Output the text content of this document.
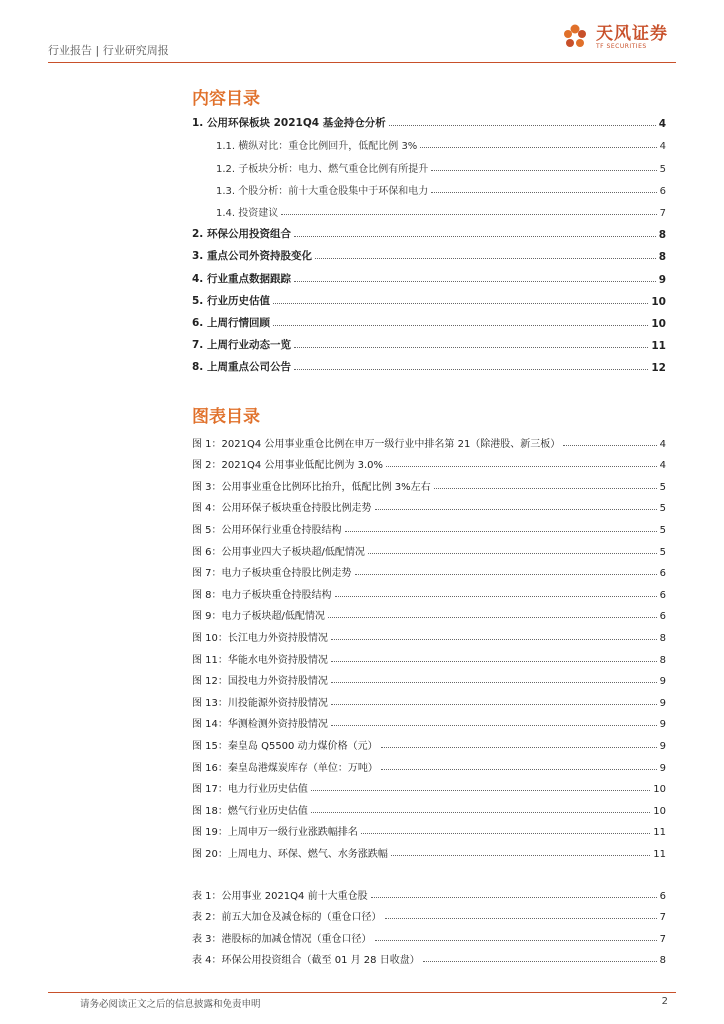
行业报告 | 行业研究周报
天风证券
TF SECURITIES
内容目录
1. 公用环保板块 2021Q4 基金持仓分析	4
1.1. 横纵对比：重仓比例回升，低配比例 3%	4
1.2. 子板块分析：电力、燃气重仓比例有所提升	5
1.3. 个股分析：前十大重仓股集中于环保和电力	6
1.4. 投资建议	7
2. 环保公用投资组合	8
3. 重点公司外资持股变化	8
4. 行业重点数据跟踪	9
5. 行业历史估值	10
6. 上周行情回顾	10
7. 上周行业动态一览	11
8. 上周重点公司公告	12
图表目录
图 1：2021Q4 公用事业重仓比例在申万一级行业中排名第 21（除港股、新三板）	4
图 2：2021Q4 公用事业低配比例为 3.0%	4
图 3：公用事业重仓比例环比抬升，低配比例 3%左右	5
图 4：公用环保子板块重仓持股比例走势	5
图 5：公用环保行业重仓持股结构	5
图 6：公用事业四大子板块超/低配情况	5
图 7：电力子板块重仓持股比例走势	6
图 8：电力子板块重仓持股结构	6
图 9：电力子板块超/低配情况	6
图 10：长江电力外资持股情况	8
图 11：华能水电外资持股情况	8
图 12：国投电力外资持股情况	9
图 13：川投能源外资持股情况	9
图 14：华测检测外资持股情况	9
图 15：秦皇岛 Q5500 动力煤价格（元）	9
图 16：秦皇岛港煤炭库存（单位：万吨）	9
图 17：电力行业历史估值	10
图 18：燃气行业历史估值	10
图 19：上周申万一级行业涨跌幅排名	11
图 20：上周电力、环保、燃气、水务涨跌幅	11
表 1：公用事业 2021Q4 前十大重仓股	6
表 2：前五大加仓及减仓标的（重仓口径）	7
表 3：港股标的加减仓情况（重仓口径）	7
表 4：环保公用投资组合（截至 01 月 28 日收盘）	8
请务必阅读正文之后的信息披露和免责申明	2
